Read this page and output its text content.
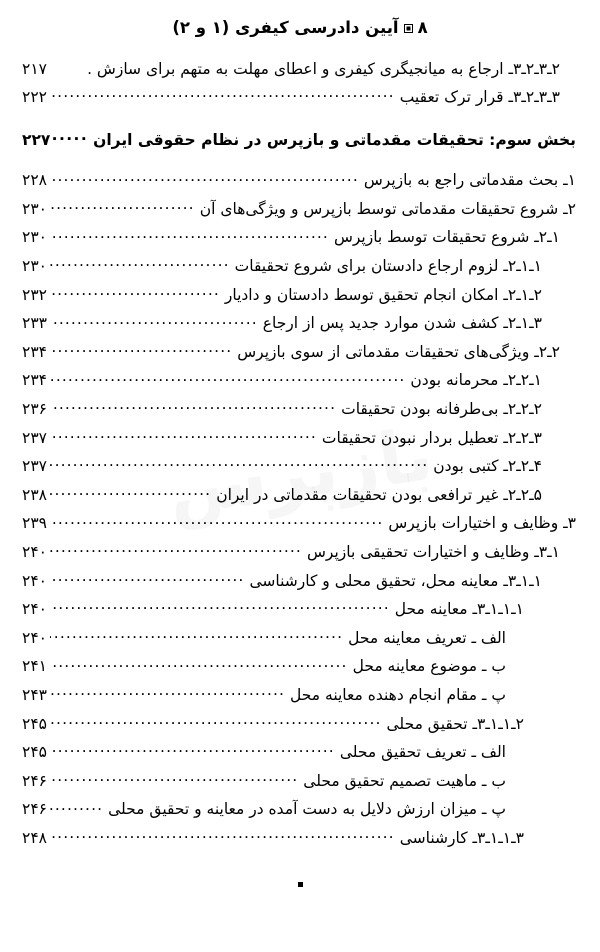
۸آیین دادرسی کیفری (۱ و ۲)
۲ـ۳ـ۲ـ۳ـ ارجاع به میانجیگری کیفری و اعطای مهلت به متهم برای سازش .
۲۱۷
۳ـ۳ـ۲ـ۳ـ قرار ترک تعقیب
.....
۲۲۲
بخش سوم: تحقیقات مقدماتی و بازپرس در نظام حقوقی ایران
.....
۲۲۷
۱ـ بحث مقدماتی راجع به بازپرس
.....
۲۲۸
۲ـ شروع تحقیقات مقدماتی توسط بازپرس و ویژگی‌های آن
.....
۲۳۰
۱ـ۲ـ شروع تحقیقات توسط بازپرس
.....
۲۳۰
۱ـ۱ـ۲ـ لزوم ارجاع دادستان برای شروع تحقیقات
.....
۲۳۰
۲ـ۱ـ۲ـ امکان انجام تحقیق توسط دادستان و دادیار
.....
۲۳۲
۳ـ۱ـ۲ـ کشف شدن موارد جدید پس از ارجاع
.....
۲۳۳
۲ـ۲ـ ویژگی‌های تحقیقات مقدماتی از سوی بازپرس
.....
۲۳۴
۱ـ۲ـ۲ـ محرمانه بودن
.....
۲۳۴
۲ـ۲ـ۲ـ بی‌طرفانه بودن تحقیقات
.....
۲۳۶
۳ـ۲ـ۲ـ تعطیل بردار نبودن تحقیقات
.....
۲۳۷
۴ـ۲ـ۲ـ کتبی بودن
.....
۲۳۷
۵ـ۲ـ۲ـ غیر ترافعی بودن تحقیقات مقدماتی در ایران
.....
۲۳۸
۳ـ وظایف و اختیارات بازپرس
.....
۲۳۹
۱ـ۳ـ وظایف و اختیارات تحقیقی بازپرس
.....
۲۴۰
۱ـ۱ـ۳ـ معاینه محل، تحقیق محلی و کارشناسی
.....
۲۴۰
۱ـ۱ـ۱ـ۳ـ معاینه محل
.....
۲۴۰
الف ـ تعریف معاینه محل
.....
۲۴۰
ب ـ موضوع معاینه محل
.....
۲۴۱
پ ـ مقام انجام دهنده معاینه محل
.....
۲۴۳
۲ـ۱ـ۱ـ۳ـ تحقیق محلی
.....
۲۴۵
الف ـ تعریف تحقیق محلی
.....
۲۴۵
ب ـ ماهیت تصمیم تحقیق محلی
.....
۲۴۶
پ ـ میزان ارزش دلایل به دست آمده در معاینه و تحقیق محلی
.....
۲۴۶
۳ـ۱ـ۱ـ۳ـ کارشناسی
.....
۲۴۸
